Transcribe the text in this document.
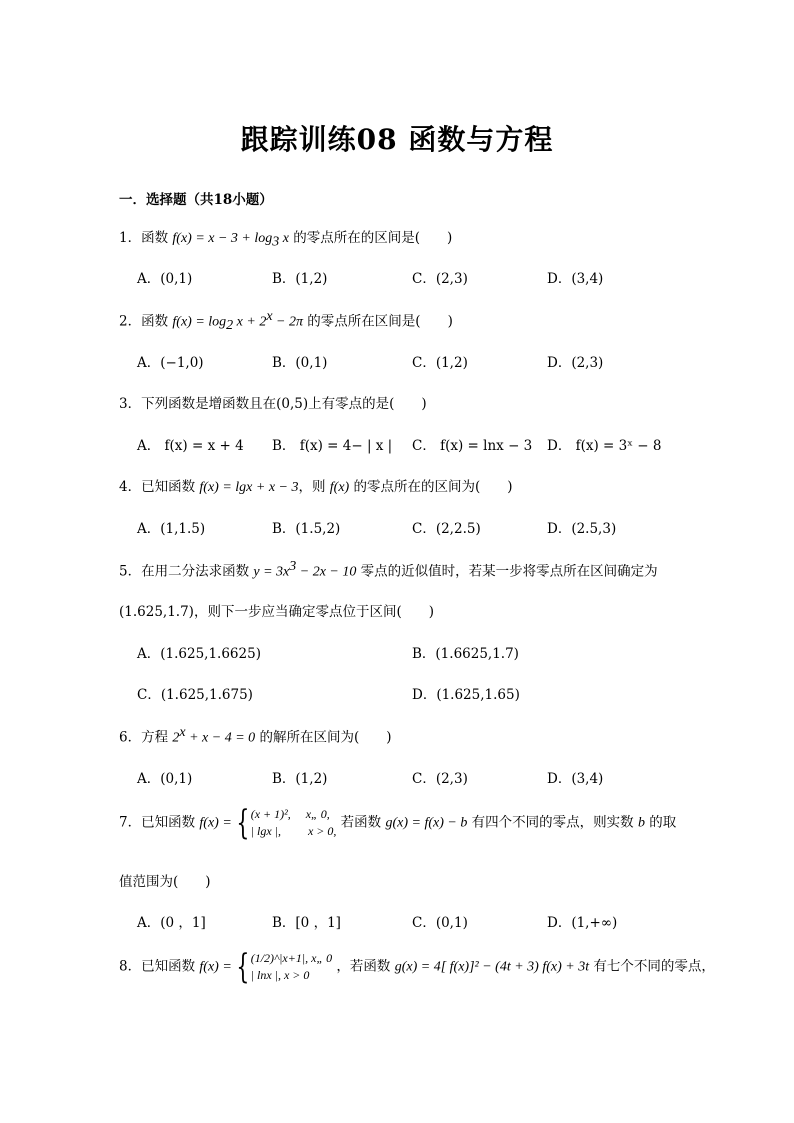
跟踪训练08 函数与方程
一．选择题（共18小题）
1．函数 $f(x) = x - 3 + \log_3 x$ 的零点所在的区间是(　　)
A．(0,1)	B．(1,2)	C．(2,3)	D．(3,4)
2．函数 $f(x) = \log_2 x + 2^x - 2\pi$ 的零点所在区间是(　　)
A．(−1,0)	B．(0,1)	C．(1,2)	D．(2,3)
3．下列函数是增函数且在(0,5)上有零点的是(　　)
A． f(x) = x + 4 B． f(x) = 4− | x | C． f(x) = lnx − 3 D． f(x) = 3ˣ − 8
4．已知函数 f(x) = lgx + x − 3，则 f(x) 的零点所在的区间为(　　)
A．(1,1.5)	B．(1.5,2)	C．(2,2.5)	D．(2.5,3)
5．在用二分法求函数 $y = 3x^3 - 2x - 10$ 零点的近似值时，若某一步将零点所在区间确定为
(1.625,1.7)，则下一步应当确定零点位于区间(　　)
A．(1.625,1.6625)	B．(1.6625,1.7)
C．(1.625,1.675)	D．(1.625,1.65)
6．方程 $2^x + x - 4 = 0$ 的解所在区间为(　　)
A．(0,1)	B．(1,2)	C．(2,3)	D．(3,4)
7．已知函数 f(x) = { (x + 1)², 　x„ 0,
| lgx |, 　　x > 0,
若函数 g(x) = f(x) − b 有四个不同的零点，则实数 b 的取
值范围为(　　)
A．(0 ，1]	B．[0 ，1]	C．(0,1)	D．(1,+∞)
8．已知函数 f(x) = { (1/2)^|x+1|, x„ 0
| lnx |, x > 0
，若函数 g(x) = 4[ f(x)]² − (4t + 3) f(x) + 3t 有七个不同的零点，
